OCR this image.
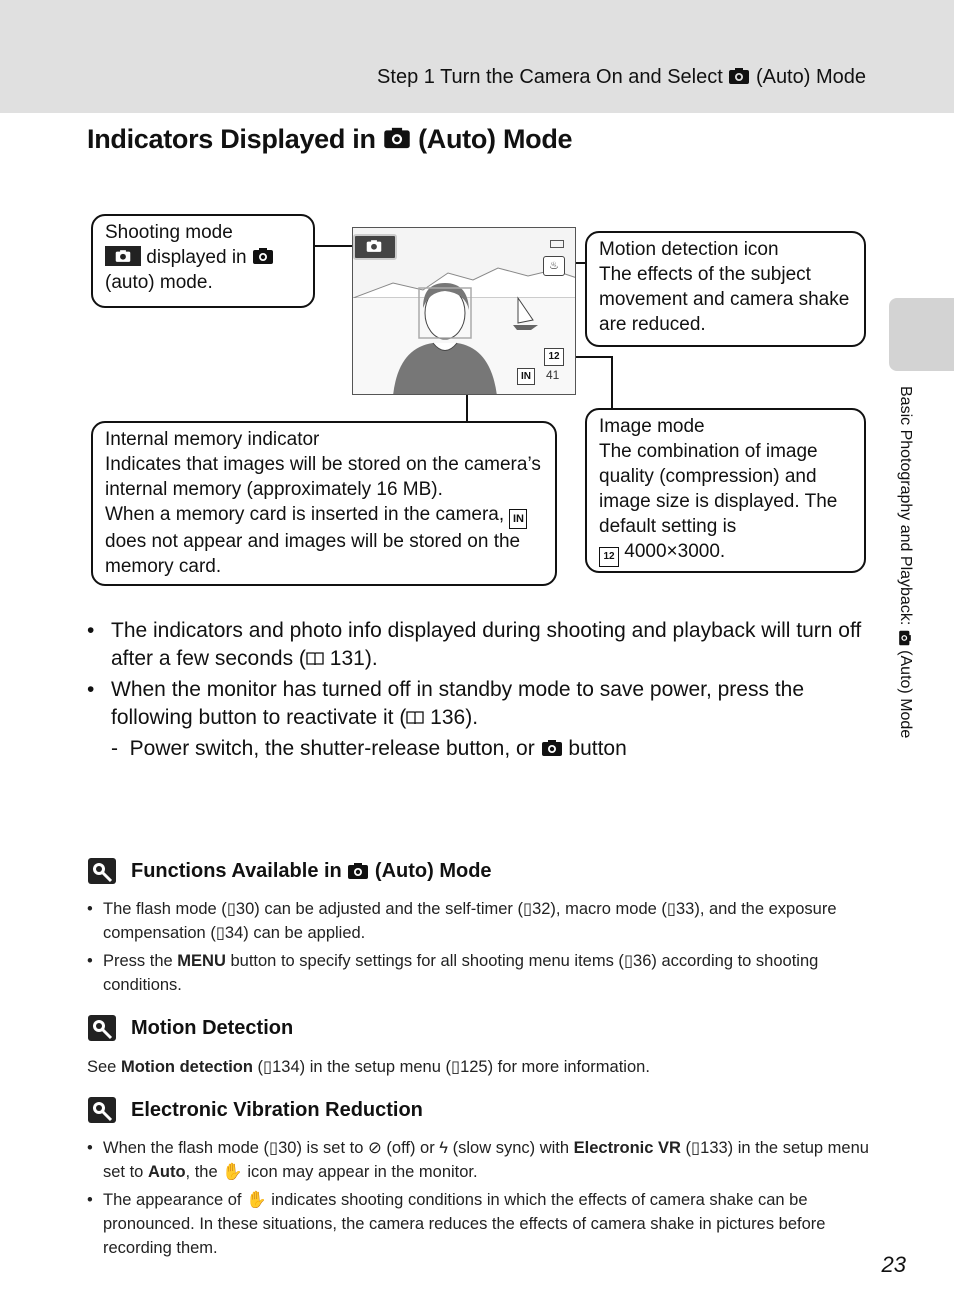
Step 1 Turn the Camera On and Select (Auto) Mode
Indicators Displayed in (Auto) Mode
Basic Photography and Playback:  (Auto) Mode
♨
12
IN	41
Shooting mode
displayed in
(auto) mode.
Motion detection icon
The effects of the subject
movement and camera shake
are reduced.
Internal memory indicator
Indicates that images will be stored on the camera’s
internal memory (approximately 16 MB).
When a memory card is inserted in the camera, IN
does not appear and images will be stored on the
memory card.
Image mode
The combination of image
quality (compression) and
image size is displayed. The
default setting is
12 4000×3000.
• The indicators and photo info displayed during shooting and playback will turn off after a few seconds ( 131).
• When the monitor has turned off in standby mode to save power, press the following button to reactivate it ( 136).
-  Power switch, the shutter-release button, or button
Functions Available in

(Auto) Mode
• The flash mode (▯30) can be adjusted and the self-timer (▯32), macro mode (▯33), and the exposure compensation (▯34) can be applied.
• Press the MENU button to specify settings for all shooting menu items (▯36) according to shooting conditions.
Motion Detection
See Motion detection (▯134) in the setup menu (▯125) for more information.
Electronic Vibration Reduction
• When the flash mode (▯30) is set to ⊘ (off) or ϟ (slow sync) with Electronic VR (▯133) in the setup menu set to Auto, the ✋ icon may appear in the monitor.
• The appearance of ✋ indicates shooting conditions in which the effects of camera shake can be pronounced. In these situations, the camera reduces the effects of camera shake in pictures before recording them.
23
